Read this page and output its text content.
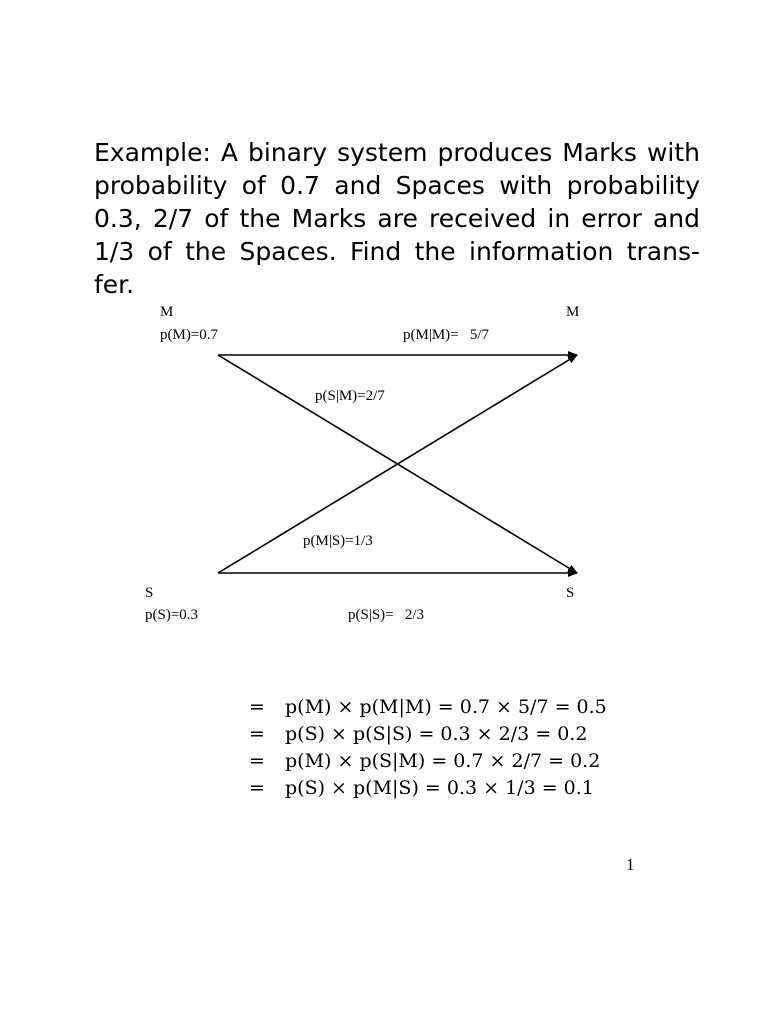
Example: A binary system produces Marks with
probability of 0.7 and Spaces with probability
0.3, 2/7 of the Marks are received in error and
1/3 of the Spaces. Find the information trans-
fer.
M
p(M)=0.7
M
p(M|M)=   5/7
p(S|M)=2/7
p(M|S)=1/3
S
p(S)=0.3
S
p(S|S)=   2/3
= p(M) × p(M|M) = 0.7 × 5/7 = 0.5
= p(S) × p(S|S) = 0.3 × 2/3 = 0.2
= p(M) × p(S|M) = 0.7 × 2/7 = 0.2
= p(S) × p(M|S) = 0.3 × 1/3 = 0.1
1
